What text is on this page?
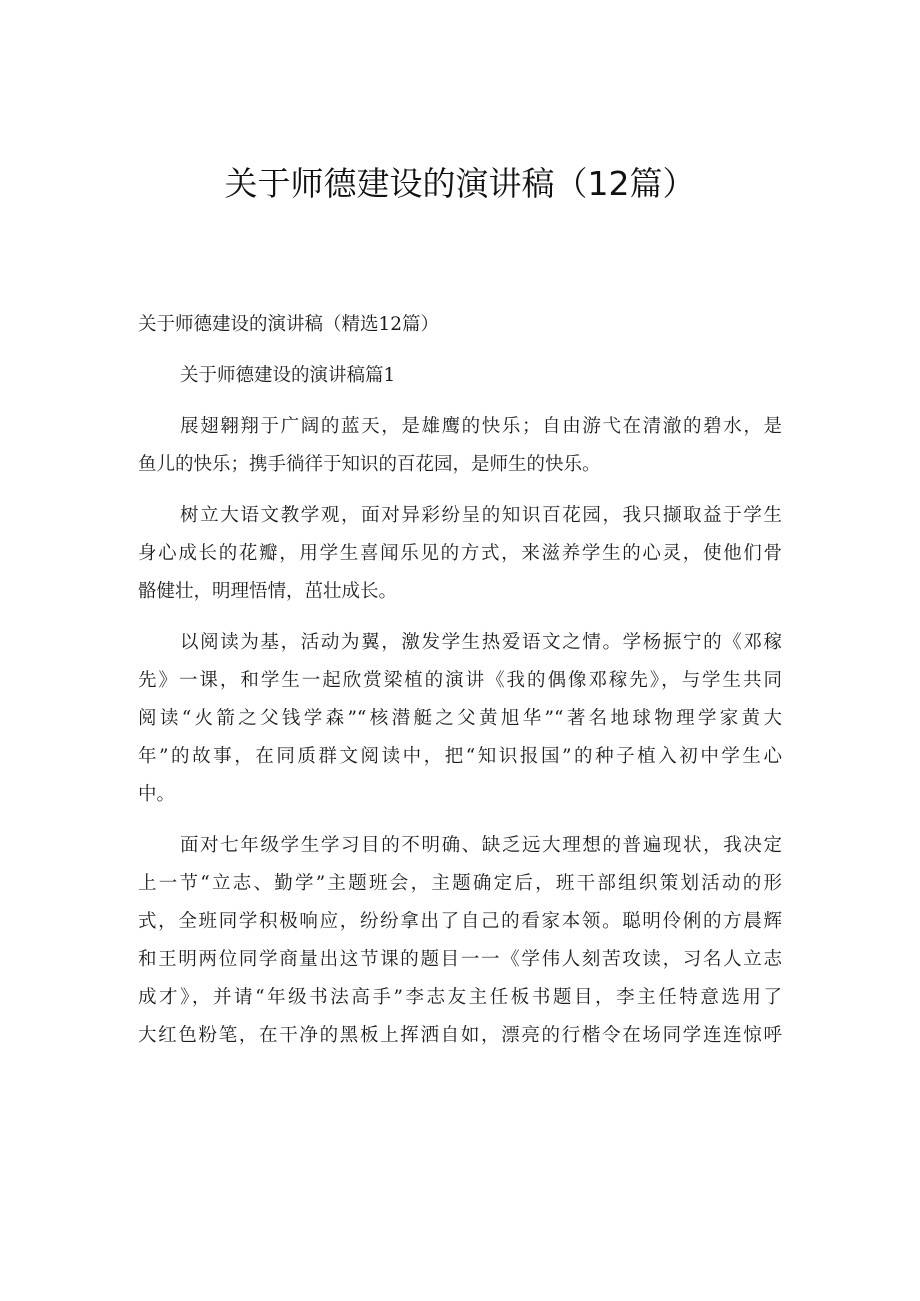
关于师德建设的演讲稿（12篇）

关于师德建设的演讲稿（精选12篇）

关于师德建设的演讲稿篇1

展翅翱翔于广阔的蓝天，是雄鹰的快乐；自由游弋在清澈的碧水，是

鱼儿的快乐；携手徜徉于知识的百花园，是师生的快乐。

树立大语文教学观，面对异彩纷呈的知识百花园，我只撷取益于学生

身心成长的花瓣，用学生喜闻乐见的方式，来滋养学生的心灵，使他们骨

骼健壮，明理悟情，茁壮成长。

以阅读为基，活动为翼，激发学生热爱语文之情。学杨振宁的《邓稼

先》一课，和学生一起欣赏梁植的演讲《我的偶像邓稼先》，与学生共同

阅读“火箭之父钱学森”“核潜艇之父黄旭华”“著名地球物理学家黄大

年”的故事，在同质群文阅读中，把“知识报国”的种子植入初中学生心

中。

面对七年级学生学习目的不明确、缺乏远大理想的普遍现状，我决定

上一节“立志、勤学”主题班会，主题确定后，班干部组织策划活动的形

式，全班同学积极响应，纷纷拿出了自己的看家本领。聪明伶俐的方晨辉

和王明两位同学商量出这节课的题目一一《学伟人刻苦攻读，习名人立志

成才》，并请“年级书法高手”李志友主任板书题目，李主任特意选用了

大红色粉笔，在干净的黑板上挥洒自如，漂亮的行楷令在场同学连连惊呼
